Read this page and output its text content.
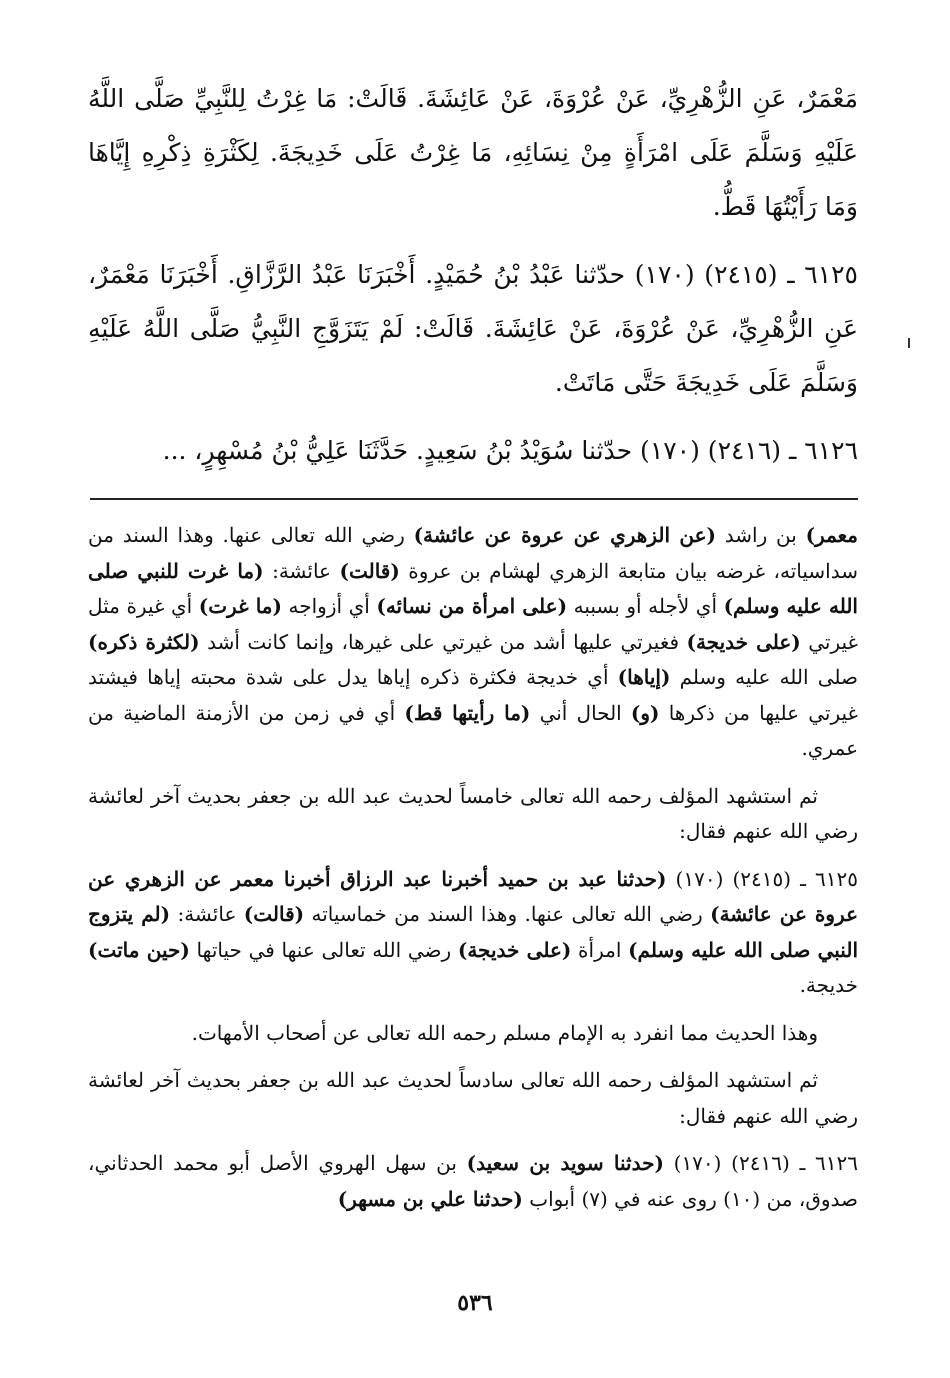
مَعْمَرٌ، عَنِ الزُّهْرِيِّ، عَنْ عُرْوَةَ، عَنْ عَائِشَةَ. قَالَتْ: مَا غِرْتُ لِلنَّبِيِّ صَلَّى اللَّهُ عَلَيْهِ وَسَلَّمَ عَلَى امْرَأَةٍ مِنْ نِسَائِهِ، مَا غِرْتُ عَلَى خَدِيجَةَ. لِكَثْرَةِ ذِكْرِهِ إِيَّاهَا وَمَا رَأَيْتُهَا قَطُّ.

٦١٢٥ ـ (٢٤١٥) (١٧٠) حدّثنا عَبْدُ بْنُ حُمَيْدٍ. أَخْبَرَنَا عَبْدُ الرَّزَّاقِ. أَخْبَرَنَا مَعْمَرٌ، عَنِ الزُّهْرِيِّ، عَنْ عُرْوَةَ، عَنْ عَائِشَةَ. قَالَتْ: لَمْ يَتَزَوَّجِ النَّبِيُّ صَلَّى اللَّهُ عَلَيْهِ وَسَلَّمَ عَلَى خَدِيجَةَ حَتَّى مَاتَتْ.

٦١٢٦ ـ (٢٤١٦) (١٧٠) حدّثنا سُوَيْدُ بْنُ سَعِيدٍ. حَدَّثَنَا عَلِيُّ بْنُ مُسْهِرٍ، ...

معمر) بن راشد (عن الزهري عن عروة عن عائشة) رضي الله تعالى عنها. وهذا السند من سداسياته، غرضه بيان متابعة الزهري لهشام بن عروة (قالت) عائشة: (ما غرت للنبي صلى الله عليه وسلم) أي لأجله أو بسببه (على امرأة من نسائه) أي أزواجه (ما غرت) أي غيرة مثل غيرتي (على خديجة) فغيرتي عليها أشد من غيرتي على غيرها، وإنما كانت أشد (لكثرة ذكره) صلى الله عليه وسلم (إياها) أي خديجة فكثرة ذكره إياها يدل على شدة محبته إياها فيشتد غيرتي عليها من ذكرها (و) الحال أني (ما رأيتها قط) أي في زمن من الأزمنة الماضية من عمري.

ثم استشهد المؤلف رحمه الله تعالى خامساً لحديث عبد الله بن جعفر بحديث آخر لعائشة رضي الله عنهم فقال:

٦١٢٥ ـ (٢٤١٥) (١٧٠) (حدثنا عبد بن حميد أخبرنا عبد الرزاق أخبرنا معمر عن الزهري عن عروة عن عائشة) رضي الله تعالى عنها. وهذا السند من خماسياته (قالت) عائشة: (لم يتزوج النبي صلى الله عليه وسلم) امرأة (على خديجة) رضي الله تعالى عنها في حياتها (حين ماتت) خديجة.

وهذا الحديث مما انفرد به الإمام مسلم رحمه الله تعالى عن أصحاب الأمهات.

ثم استشهد المؤلف رحمه الله تعالى سادساً لحديث عبد الله بن جعفر بحديث آخر لعائشة رضي الله عنهم فقال:

٦١٢٦ ـ (٢٤١٦) (١٧٠) (حدثنا سويد بن سعيد) بن سهل الهروي الأصل أبو محمد الحدثاني، صدوق، من (١٠) روى عنه في (٧) أبواب (حدثنا علي بن مسهر)

٥٣٦
